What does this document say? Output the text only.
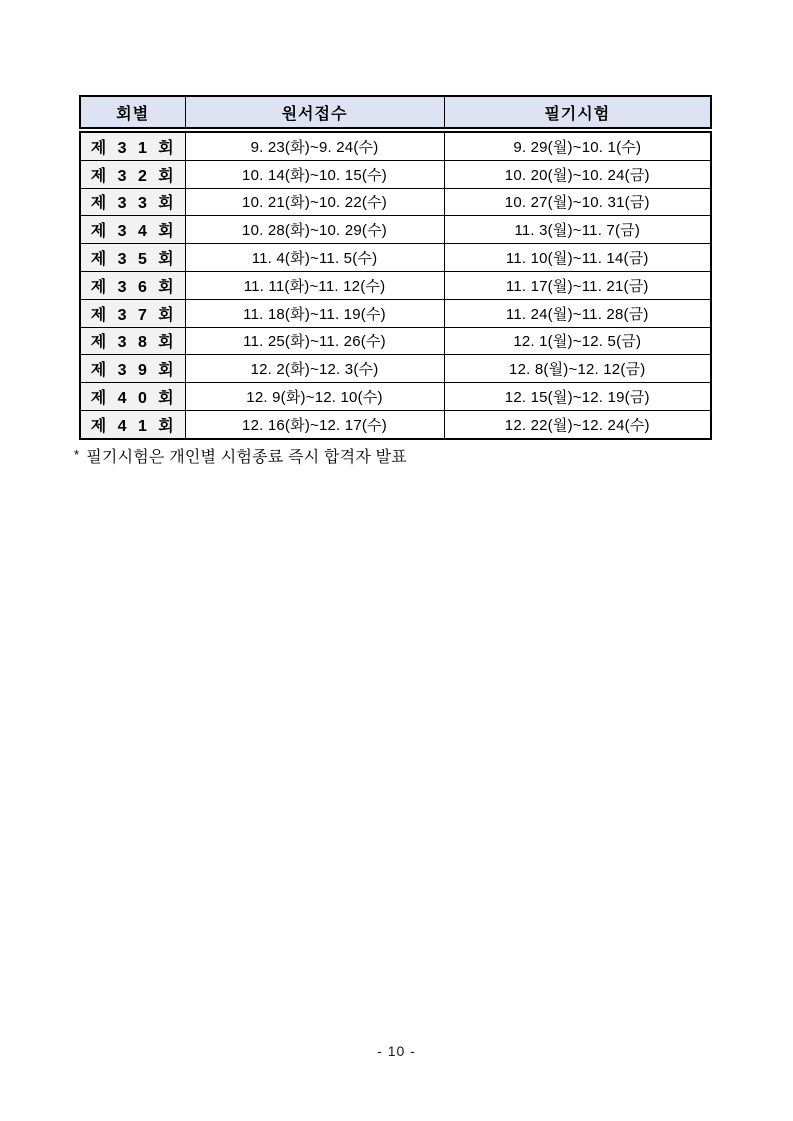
회별	원서접수	필기시험
제 3 1 회	9. 23(화)~9. 24(수)	9. 29(월)~10. 1(수)
제 3 2 회	10. 14(화)~10. 15(수)	10. 20(월)~10. 24(금)
제 3 3 회	10. 21(화)~10. 22(수)	10. 27(월)~10. 31(금)
제 3 4 회	10. 28(화)~10. 29(수)	11. 3(월)~11. 7(금)
제 3 5 회	11. 4(화)~11. 5(수)	11. 10(월)~11. 14(금)
제 3 6 회	11. 11(화)~11. 12(수)	11. 17(월)~11. 21(금)
제 3 7 회	11. 18(화)~11. 19(수)	11. 24(월)~11. 28(금)
제 3 8 회	11. 25(화)~11. 26(수)	12. 1(월)~12. 5(금)
제 3 9 회	12. 2(화)~12. 3(수)	12. 8(월)~12. 12(금)
제 4 0 회	12. 9(화)~12. 10(수)	12. 15(월)~12. 19(금)
제 4 1 회	12. 16(화)~12. 17(수)	12. 22(월)~12. 24(수)

* 필기시험은 개인별 시험종료 즉시 합격자 발표

- 10 -
